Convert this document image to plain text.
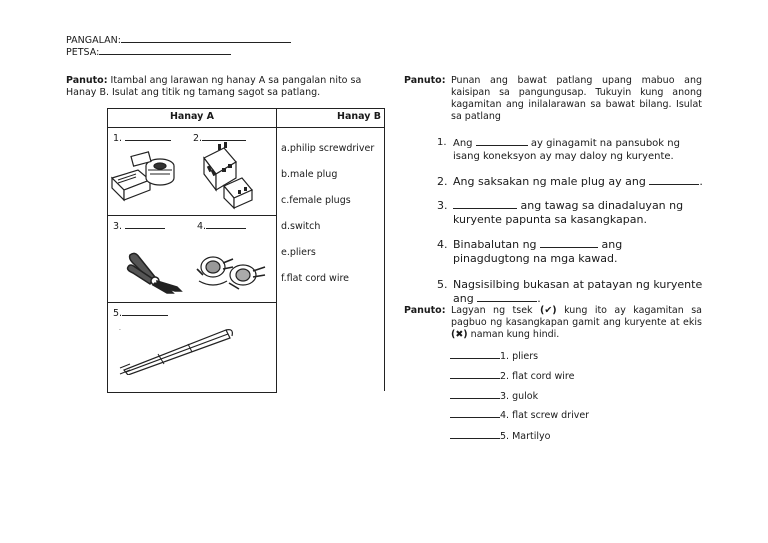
PANGALAN:
PETSA:
Panuto: Itambal ang larawan ng hanay A sa pangalan nito sa Hanay B. Isulat ang titik ng tamang sagot sa patlang.
Hanay A	Hanay B
1.	2.
3.	4.
5.
.
a.philip screwdriver
b.male plug
c.female plugs
d.switch
e.pliers
f.flat cord wire
Panuto: Punan ang bawat patlang upang mabuo ang kaisipan sa pangungusap. Tukuyin kung anong kagamitan ang inilalarawan sa bawat bilang. Isulat sa patlang
1. Ang	ay ginagamit na pansubok ng isang koneksyon ay may daloy ng kuryente.
2. Ang saksakan ng male plug ay ang	.
3.	ang tawag sa dinadaluyan ng kuryente papunta sa kasangkapan.
4. Binabalutan ng	ang pinagdugtong na mga kawad.
5. Nagsisilbing bukasan at patayan ng kuryente ang	.
Panuto: Lagyan ng tsek (✔) kung ito ay kagamitan sa pagbuo ng kasangkapan gamit ang kuryente at ekis (✖) naman kung hindi.
1. pliers
2. flat cord wire
3. gulok
4. flat screw driver
5. Martilyo
